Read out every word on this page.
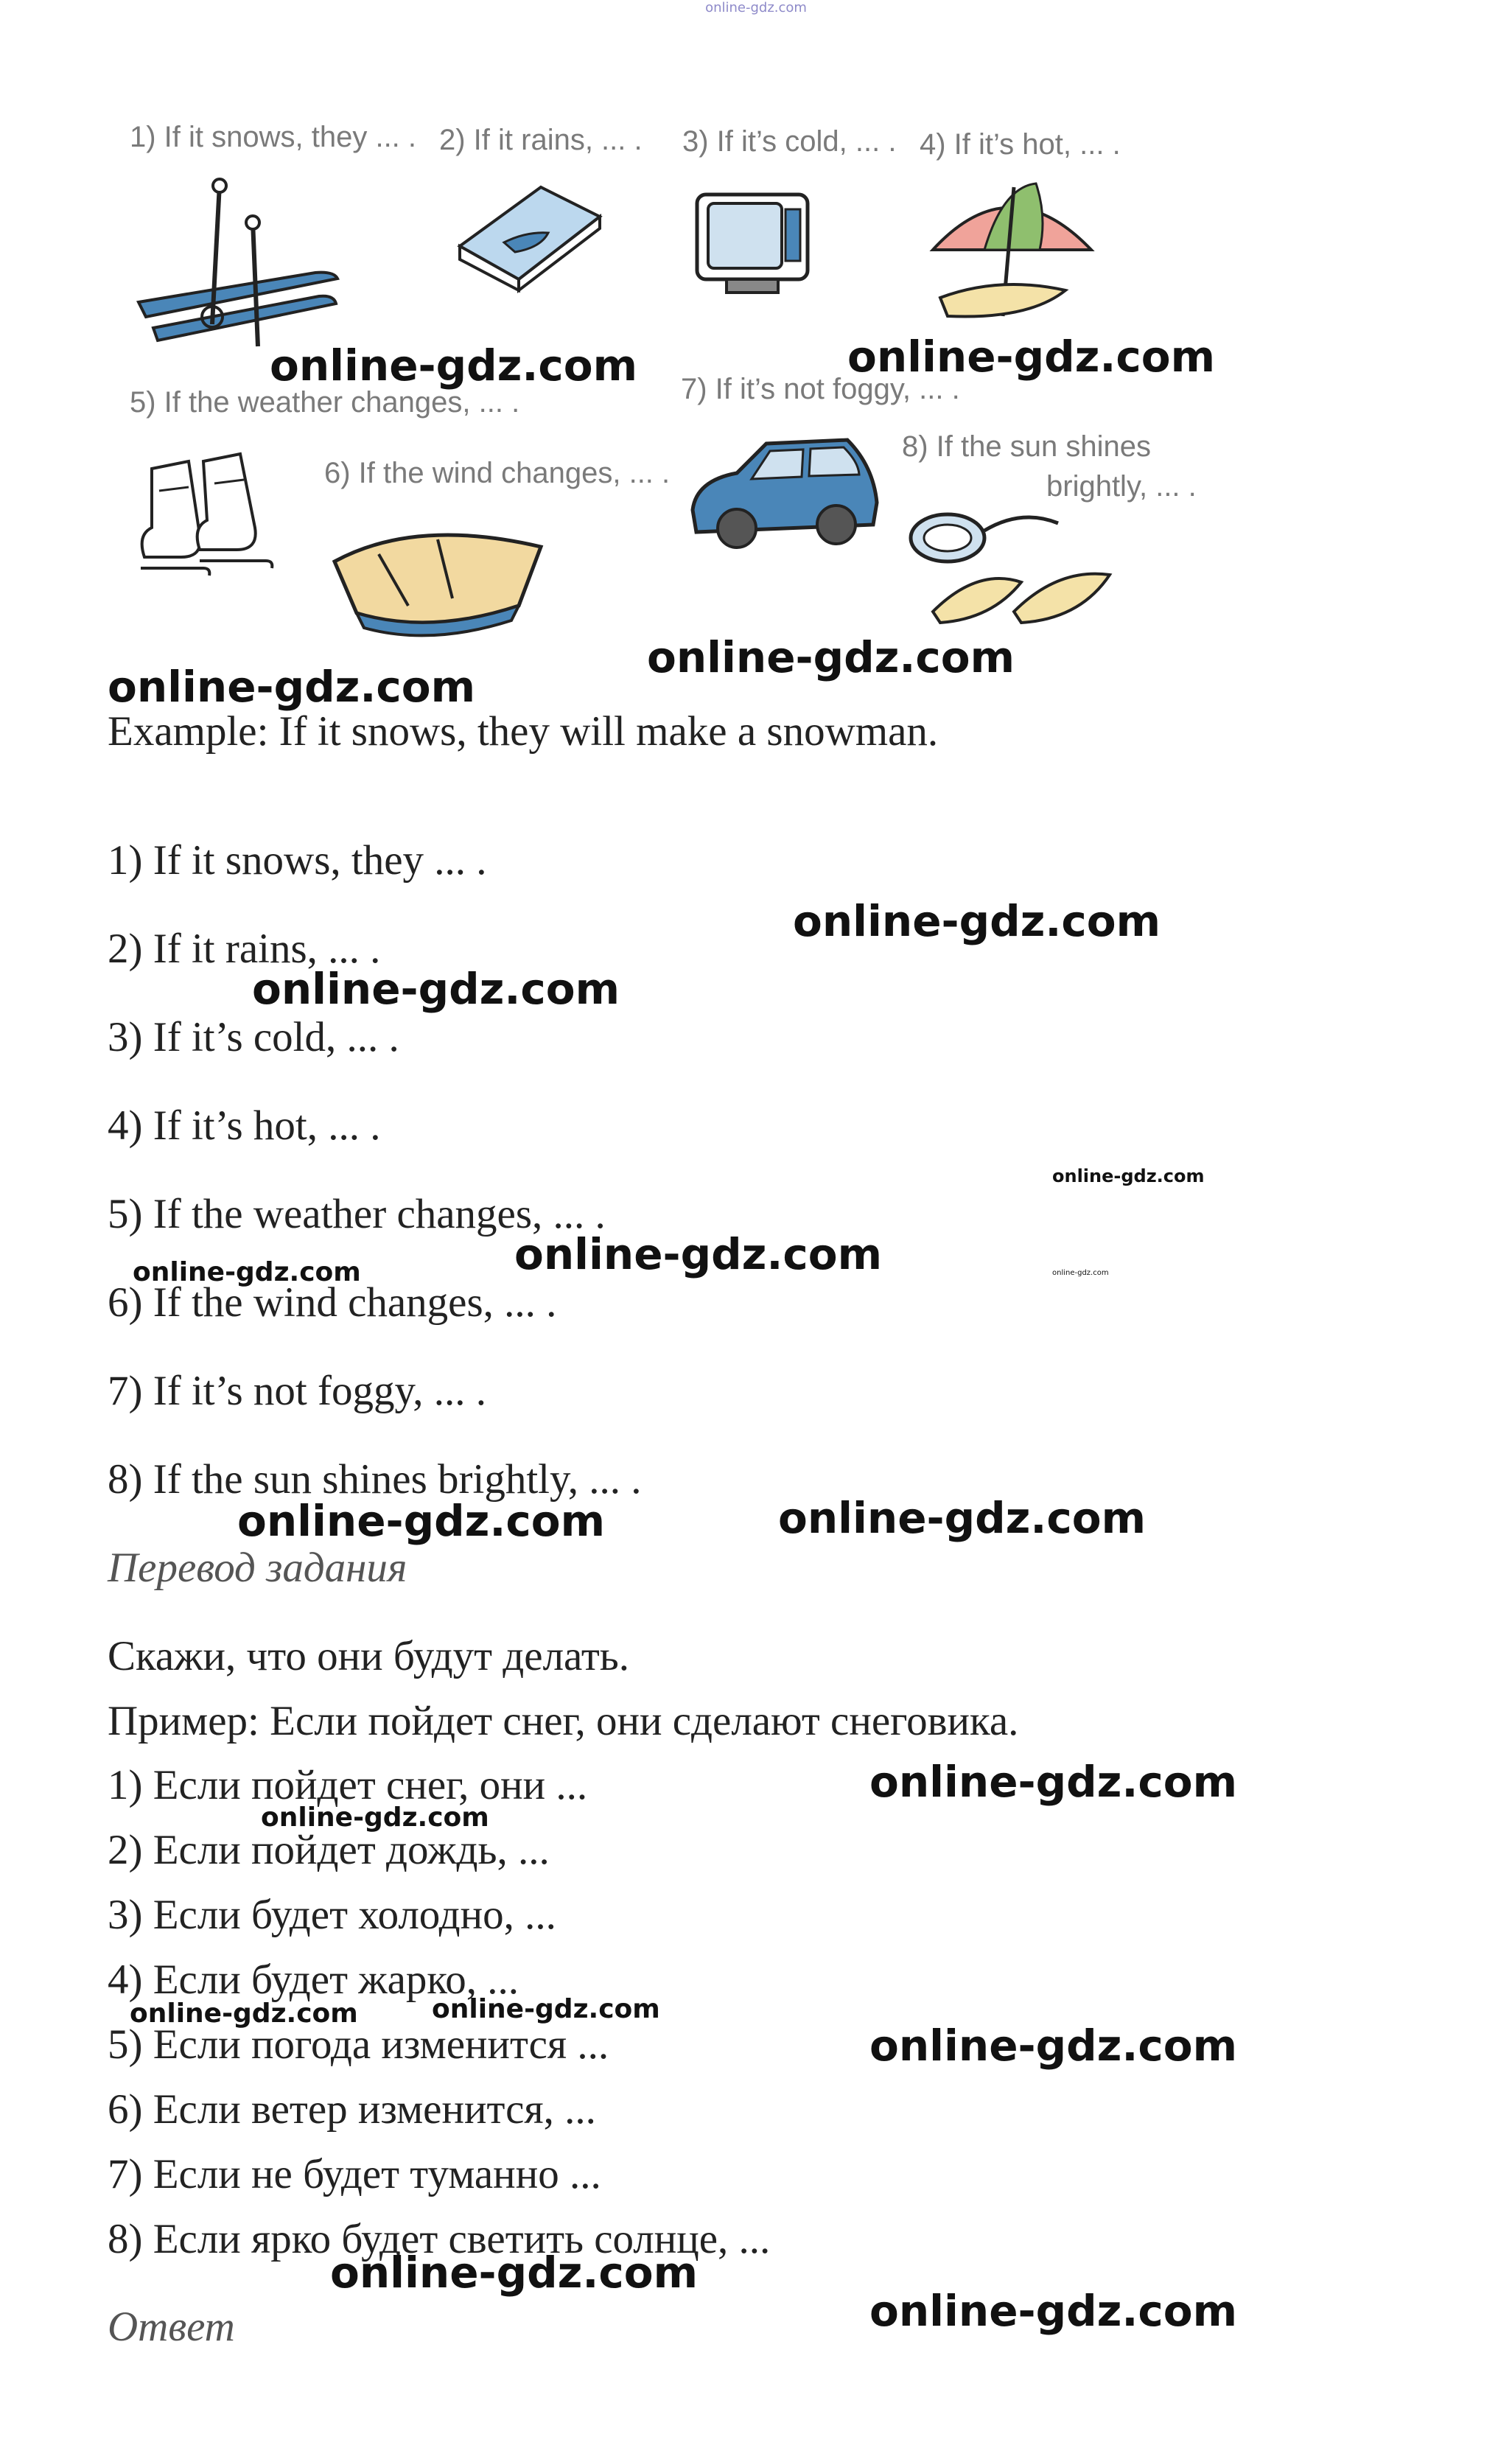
online-gdz.com
1) If it snows, they ... . 2) If it rains, ... . 3) If it’s cold, ... . 4) If it’s hot, ... .
5) If the weather changes, ... .	7) If it’s not foggy, ... .
6) If the wind changes, ... .
8) If the sun shines
brightly, ... .
Example: If it snows, they will make a snowman.
1) If it snows, they ... .
2) If it rains, ... .
3) If it’s cold, ... .
4) If it’s hot, ... .
5) If the weather changes, ... .
6) If the wind changes, ... .
7) If it’s not foggy, ... .
8) If the sun shines brightly, ... .
Перевод задания
Скажи, что они будут делать.
Пример: Если пойдет снег, они сделают снеговика.
1) Если пойдет снег, они ...
2) Если пойдет дождь, ...
3) Если будет холодно, ...
4) Если будет жарко, ...
5) Если погода изменится ...
6) Если ветер изменится, ...
7) Если не будет туманно ...
8) Если ярко будет светить солнце, ...
Ответ
online-gdz.com	online-gdz.com
online-gdz.com
online-gdz.com
online-gdz.com
online-gdz.com
online-gdz.com
online-gdz.com	online-gdz.com	online-gdz.com
online-gdz.com	online-gdz.com
online-gdz.com
online-gdz.com
online-gdz.com	online-gdz.com
online-gdz.com
online-gdz.com
online-gdz.com
